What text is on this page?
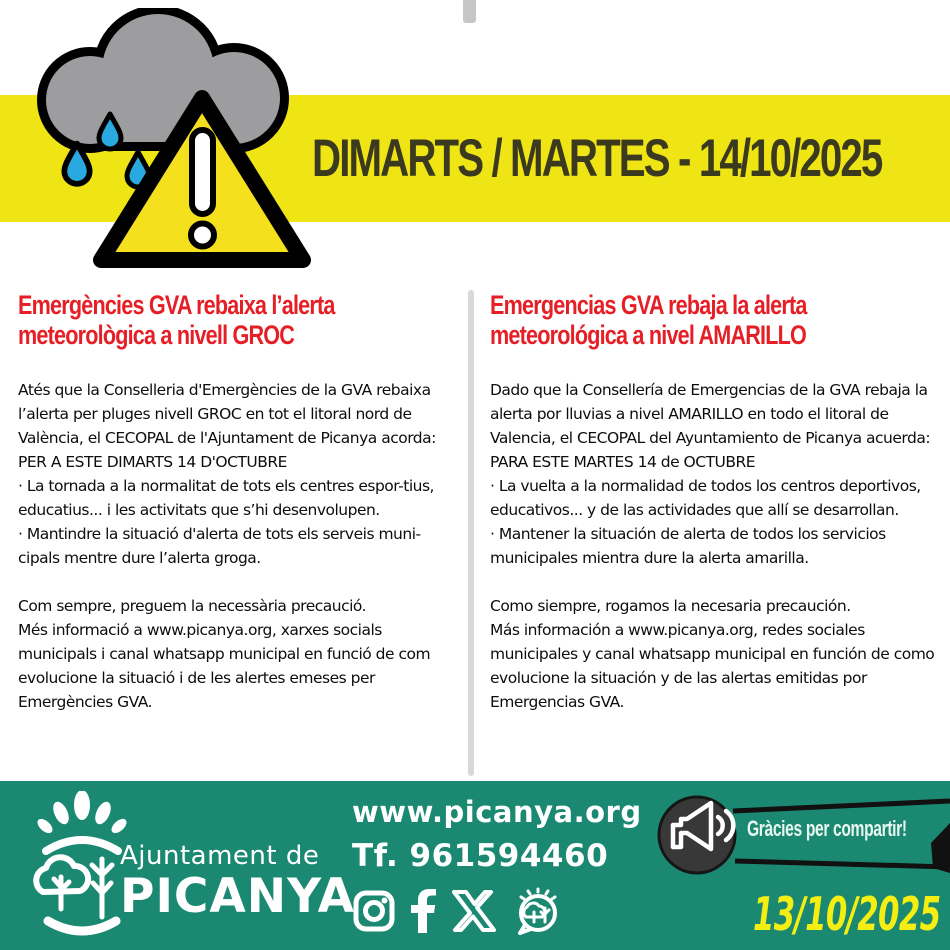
DIMARTS / MARTES - 14/10/2025
Emergències GVA rebaixa l’alerta
meteorològica a nivell GROC

Atés que la Conselleria d'Emergències de la GVA rebaixa l’alerta per pluges nivell GROC en tot el litoral nord de València, el CECOPAL de l'Ajuntament de Picanya acorda:

PER A ESTE DIMARTS 14 D'OCTUBRE

· La tornada a la normalitat de tots els centres espor-tius, educatius... i les activitats que s’hi desenvolupen.

· Mantindre la situació d'alerta de tots els serveis muni-cipals mentre dure l’alerta groga.

Com sempre, preguem la necessària precaució.

Més informació a www.picanya.org, xarxes socials municipals i canal whatsapp municipal en funció de com evolucione la situació i de les alertes emeses per Emergències GVA.

Emergencias GVA rebaja la alerta
meteorológica a nivel AMARILLO

Dado que la Consellería de Emergencias de la GVA rebaja la alerta por lluvias a nivel AMARILLO en todo el litoral de Valencia, el CECOPAL del Ayuntamiento de Picanya acuerda:

PARA ESTE MARTES 14 de OCTUBRE

· La vuelta a la normalidad de todos los centros deportivos, educativos... y de las actividades que allí se desarrollan.

· Mantener la situación de alerta de todos los servicios municipales mientra dure la alerta amarilla.

Como siempre, rogamos la necesaria precaución.

Más información a www.picanya.org, redes sociales municipales y canal whatsapp municipal en función de como evolucione la situación y de las alertas emitidas por Emergencias GVA.

Ajuntament de
PICANYA
www.picanya.org
Tf. 961594460
Gràcies per compartir!
13/10/2025
